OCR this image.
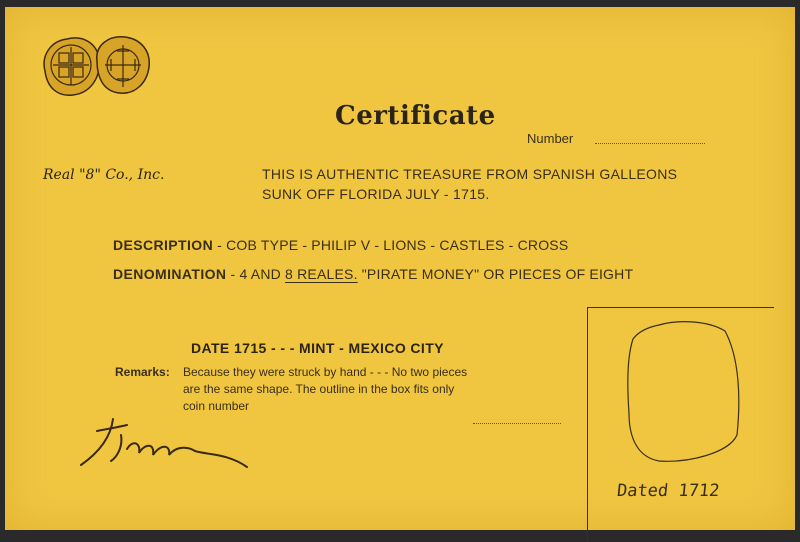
Certificate
Number
Real "8" Co., Inc.	THIS IS AUTHENTIC TREASURE FROM SPANISH GALLEONS
SUNK OFF FLORIDA JULY - 1715.
DESCRIPTION - COB TYPE - PHILIP V - LIONS - CASTLES - CROSS
DENOMINATION - 4 AND 8 REALES. "PIRATE MONEY" OR PIECES OF EIGHT
DATE 1715 - - - MINT - MEXICO CITY
Remarks: Because they were struck by hand - - - No two pieces
are the same shape. The outline in the box fits only
coin number
Dated 1712
